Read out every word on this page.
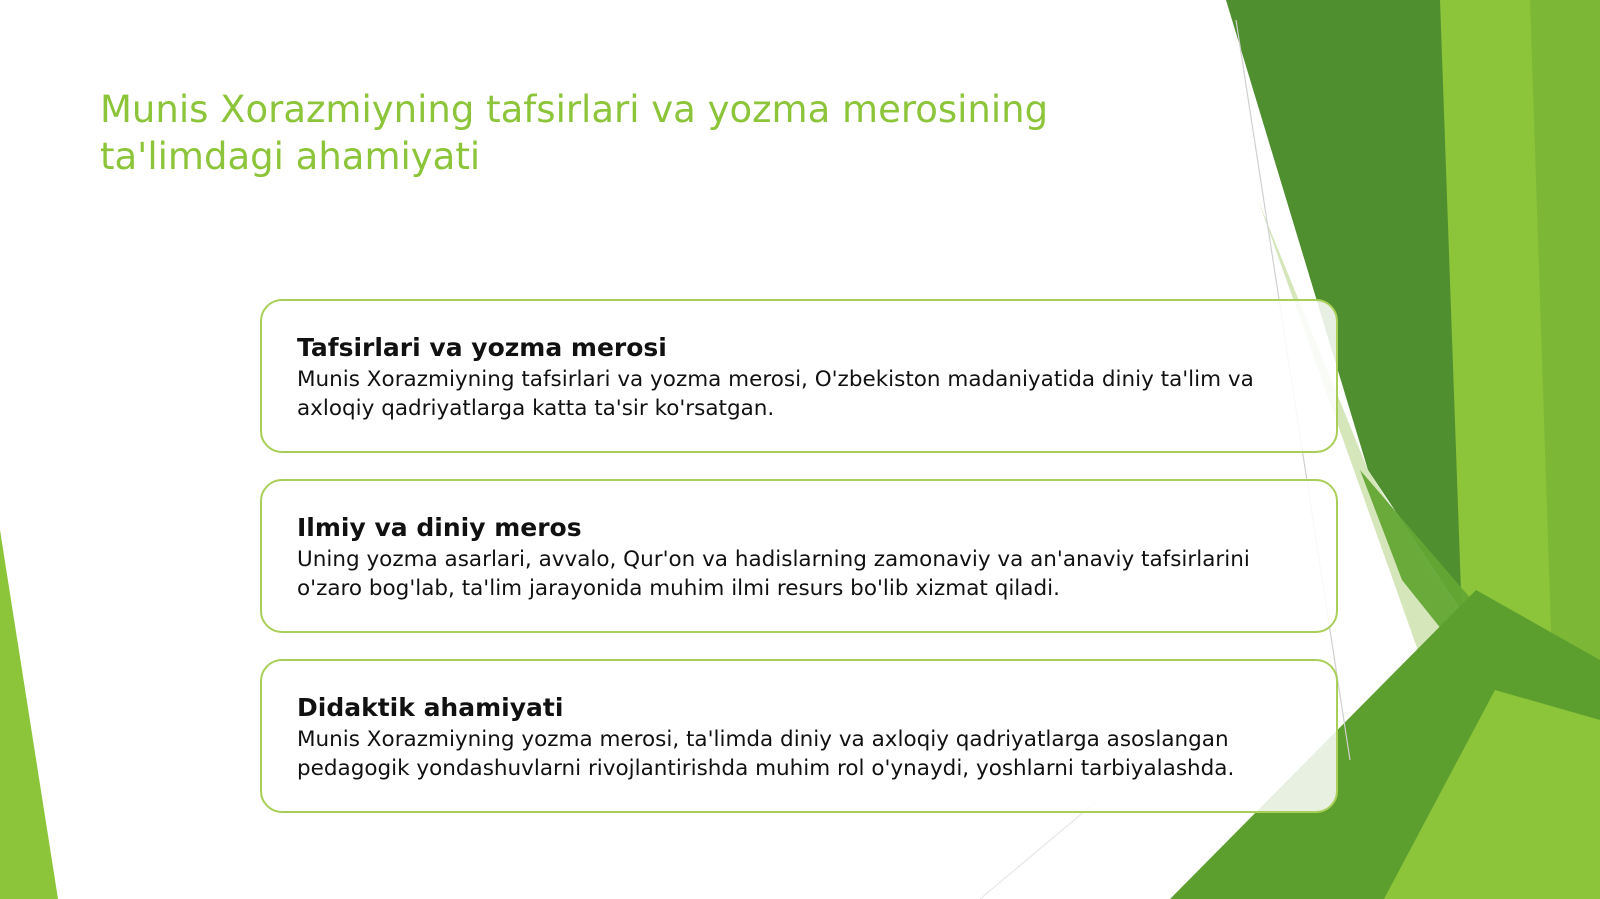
Munis Xorazmiyning tafsirlari va yozma merosining
ta'limdagi ahamiyati
Tafsirlari va yozma merosi

Munis Xorazmiyning tafsirlari va yozma merosi, O'zbekiston madaniyatida diniy ta'lim va
axloqiy qadriyatlarga katta ta'sir ko'rsatgan.

Ilmiy va diniy meros

Uning yozma asarlari, avvalo, Qur'on va hadislarning zamonaviy va an'anaviy tafsirlarini
o'zaro bog'lab, ta'lim jarayonida muhim ilmi resurs bo'lib xizmat qiladi.

Didaktik ahamiyati

Munis Xorazmiyning yozma merosi, ta'limda diniy va axloqiy qadriyatlarga asoslangan
pedagogik yondashuvlarni rivojlantirishda muhim rol o'ynaydi, yoshlarni tarbiyalashda.
